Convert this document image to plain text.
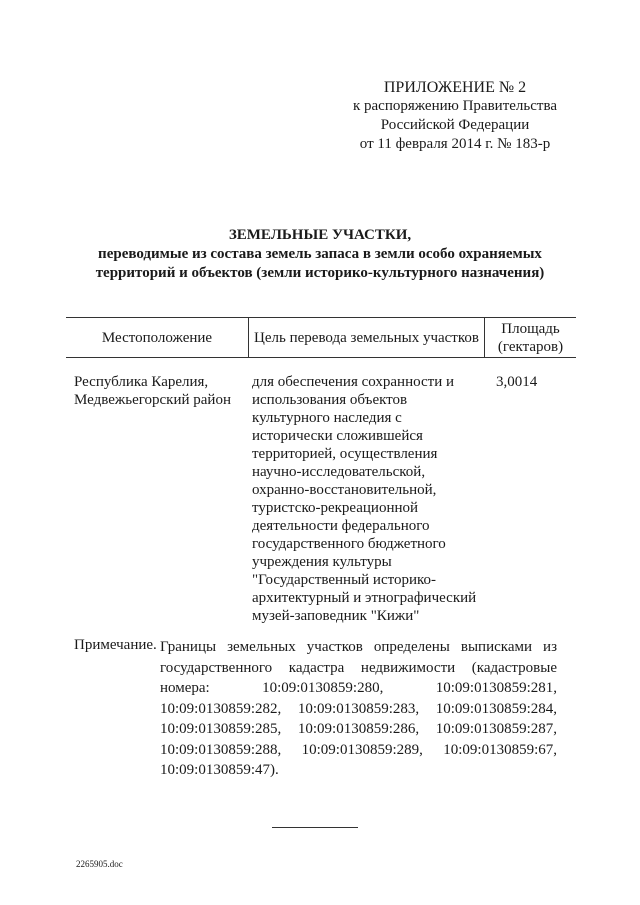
ПРИЛОЖЕНИЕ № 2
к распоряжению Правительства
Российской Федерации
от 11 февраля 2014 г. № 183-р
ЗЕМЕЛЬНЫЕ УЧАСТКИ,
переводимые из состава земель запаса в земли особо охраняемых
территорий и объектов (земли историко-культурного назначения)
Местоположение	Цель перевода земельных участков
Площадь
(гектаров)
Республика Карелия,
Медвежьегорский район
для обеспечения сохранности и
использования объектов
культурного наследия с
исторически сложившейся
территорией, осуществления
научно-исследовательской,
охранно-восстановительной,
туристско-рекреационной
деятельности федерального
государственного бюджетного
учреждения культуры
"Государственный историко-
архитектурный и этнографический
музей-заповедник "Кижи"
3,0014
Примечание. Границы земельных участков определены выписками из государственного кадастра недвижимости (кадастровые номера: 10:09:0130859:280, 10:09:0130859:281, 10:09:0130859:282, 10:09:0130859:283, 10:09:0130859:284, 10:09:0130859:285, 10:09:0130859:286, 10:09:0130859:287, 10:09:0130859:288, 10:09:0130859:289, 10:09:0130859:67, 10:09:0130859:47).
2265905.doc
